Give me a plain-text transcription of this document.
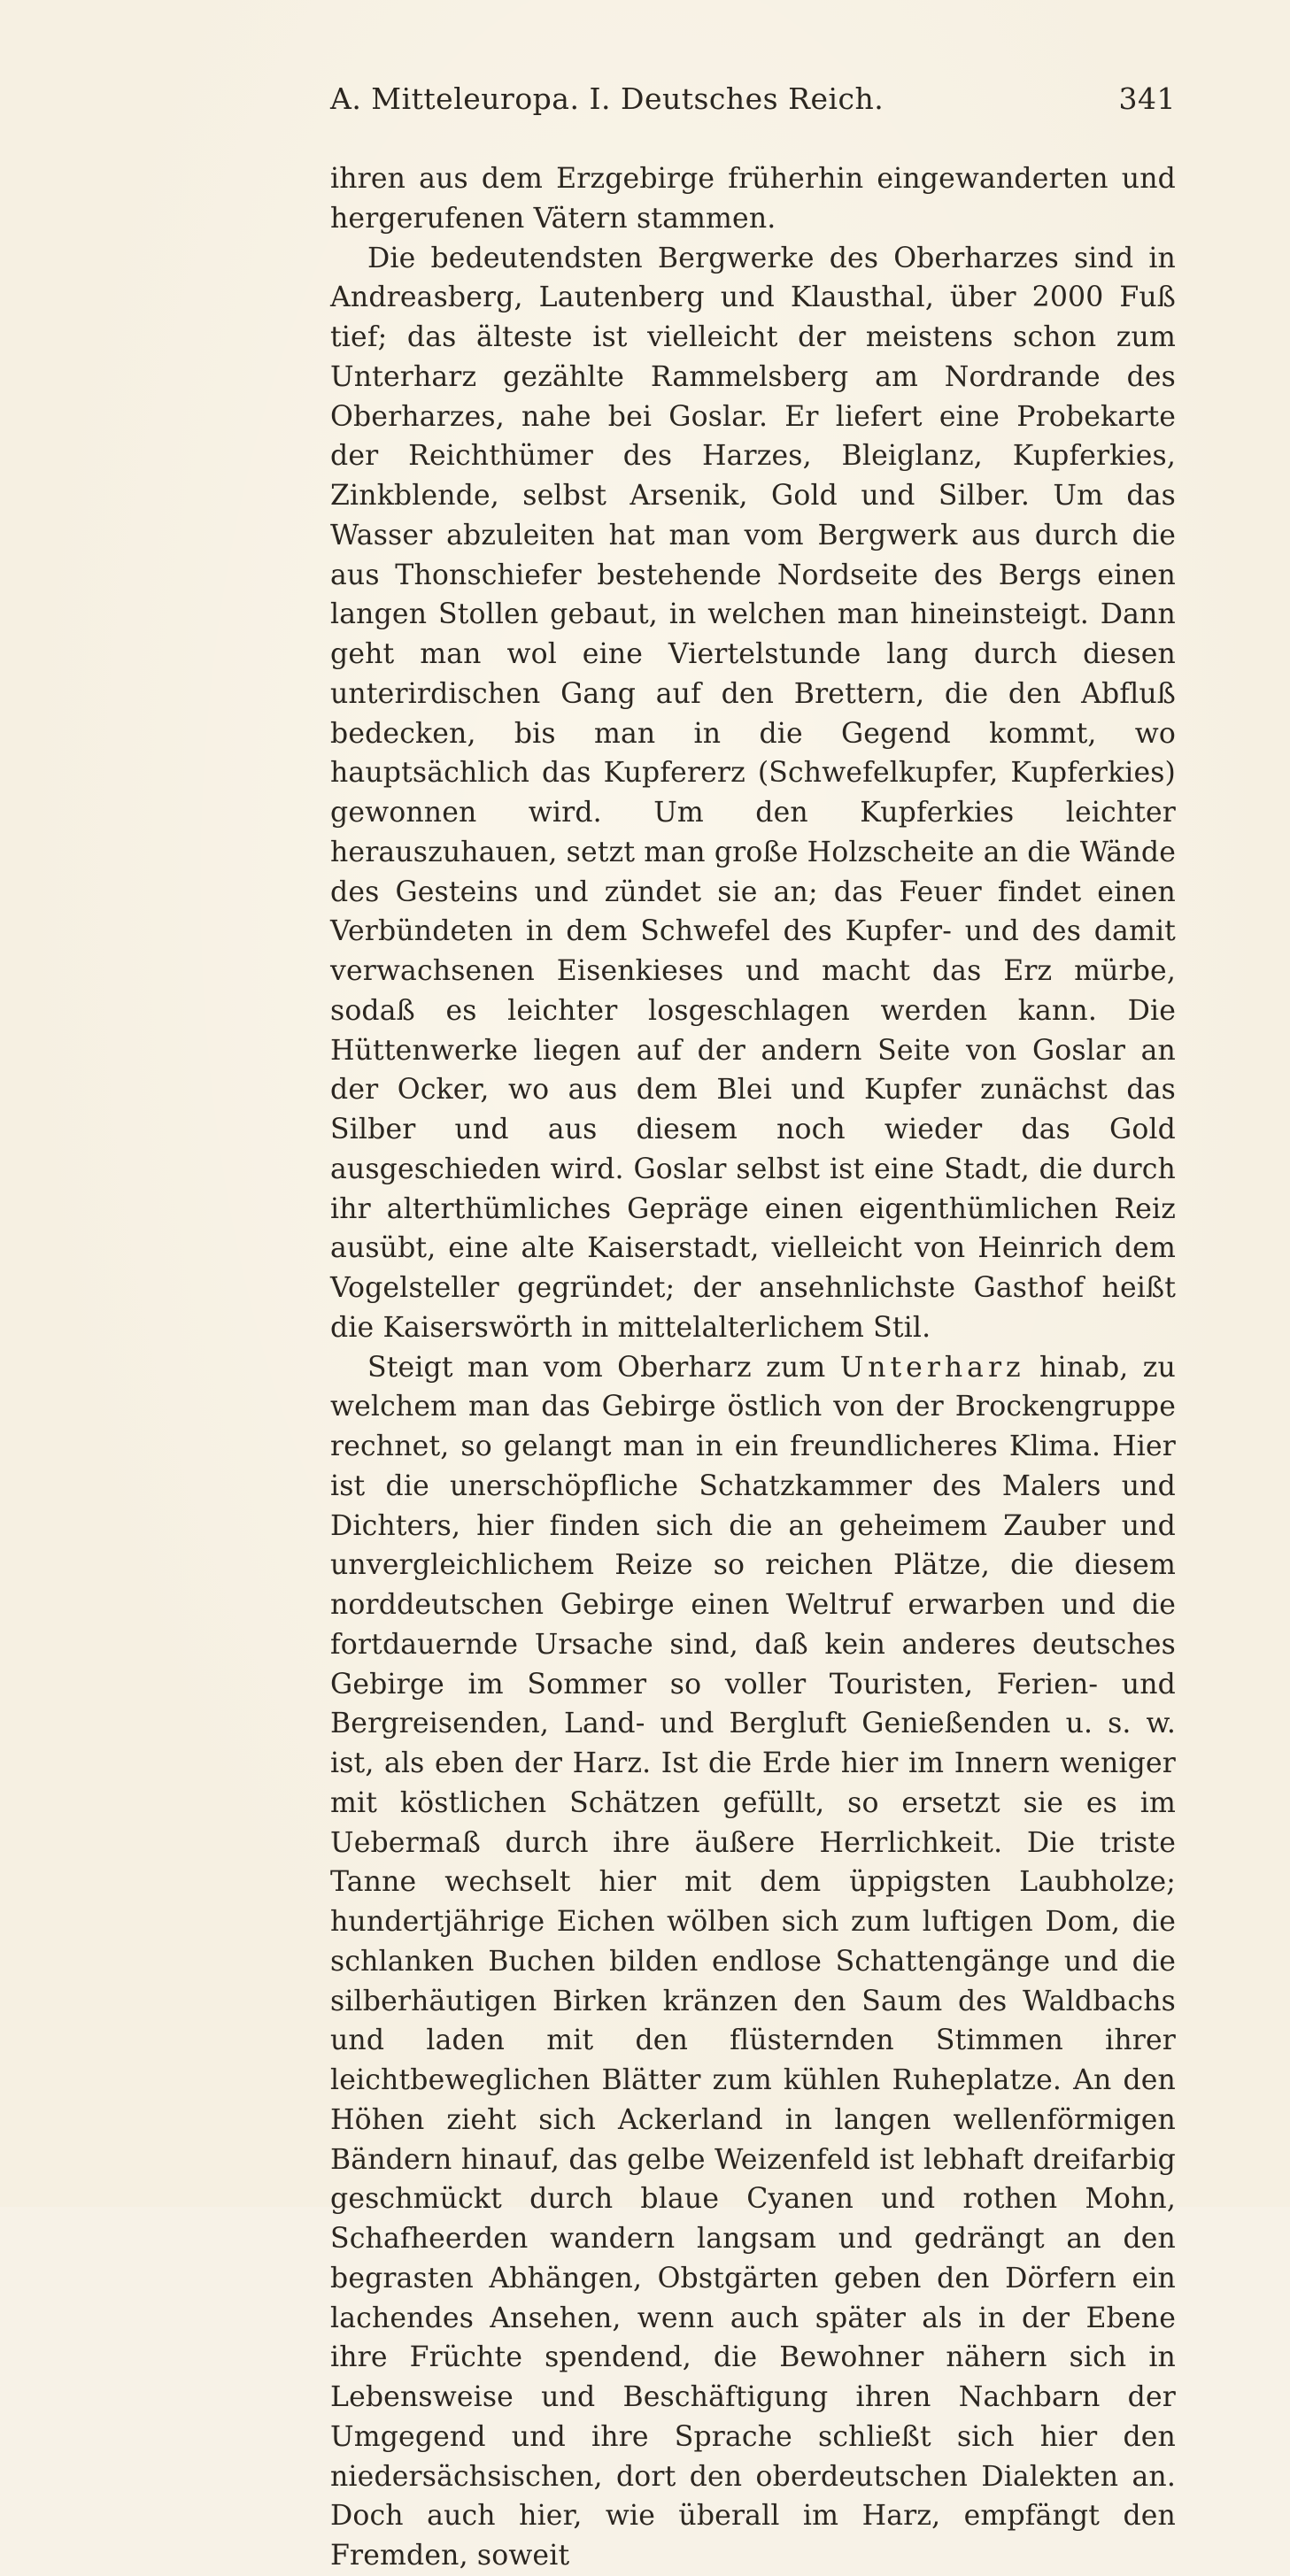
A. Mitteleuropa. I. Deutsches Reich.	341

ihren aus dem Erzgebirge früherhin eingewanderten und hergerufenen Vätern stammen.

Die bedeutendsten Bergwerke des Oberharzes sind in Andreasberg, Lautenberg und Klausthal, über 2000 Fuß tief; das älteste ist vielleicht der meistens schon zum Unterharz gezählte Rammelsberg am Nordrande des Oberharzes, nahe bei Goslar. Er liefert eine Probekarte der Reichthümer des Harzes, Bleiglanz, Kupferkies, Zinkblende, selbst Arsenik, Gold und Silber. Um das Wasser abzuleiten hat man vom Bergwerk aus durch die aus Thonschiefer bestehende Nordseite des Bergs einen langen Stollen gebaut, in welchen man hineinsteigt. Dann geht man wol eine Viertelstunde lang durch diesen unterirdischen Gang auf den Brettern, die den Abfluß bedecken, bis man in die Gegend kommt, wo hauptsächlich das Kupfererz (Schwefelkupfer, Kupferkies) gewonnen wird. Um den Kupferkies leichter herauszuhauen, setzt man große Holzscheite an die Wände des Gesteins und zündet sie an; das Feuer findet einen Verbündeten in dem Schwefel des Kupfer- und des damit verwachsenen Eisenkieses und macht das Erz mürbe, sodaß es leichter losgeschlagen werden kann. Die Hüttenwerke liegen auf der andern Seite von Goslar an der Ocker, wo aus dem Blei und Kupfer zunächst das Silber und aus diesem noch wieder das Gold ausgeschieden wird. Goslar selbst ist eine Stadt, die durch ihr alterthümliches Gepräge einen eigenthümlichen Reiz ausübt, eine alte Kaiserstadt, vielleicht von Heinrich dem Vogelsteller gegründet; der ansehnlichste Gasthof heißt die Kaiserswörth in mittelalterlichem Stil.

Steigt man vom Oberharz zum Unterharz hinab, zu welchem man das Gebirge östlich von der Brockengruppe rechnet, so gelangt man in ein freundlicheres Klima. Hier ist die unerschöpfliche Schatzkammer des Malers und Dichters, hier finden sich die an geheimem Zauber und unvergleichlichem Reize so reichen Plätze, die diesem norddeutschen Gebirge einen Weltruf erwarben und die fortdauernde Ursache sind, daß kein anderes deutsches Gebirge im Sommer so voller Touristen, Ferien- und Bergreisenden, Land- und Bergluft Genießenden u. s. w. ist, als eben der Harz. Ist die Erde hier im Innern weniger mit köstlichen Schätzen gefüllt, so ersetzt sie es im Uebermaß durch ihre äußere Herrlichkeit. Die triste Tanne wechselt hier mit dem üppigsten Laubholze; hundertjährige Eichen wölben sich zum luftigen Dom, die schlanken Buchen bilden endlose Schattengänge und die silberhäutigen Birken kränzen den Saum des Waldbachs und laden mit den flüsternden Stimmen ihrer leichtbeweglichen Blätter zum kühlen Ruheplatze. An den Höhen zieht sich Ackerland in langen wellenförmigen Bändern hinauf, das gelbe Weizenfeld ist lebhaft dreifarbig geschmückt durch blaue Cyanen und rothen Mohn, Schafheerden wandern langsam und gedrängt an den begrasten Abhängen, Obstgärten geben den Dörfern ein lachendes Ansehen, wenn auch später als in der Ebene ihre Früchte spendend, die Bewohner nähern sich in Lebensweise und Beschäftigung ihren Nachbarn der Umgegend und ihre Sprache schließt sich hier den niedersächsischen, dort den oberdeutschen Dialekten an. Doch auch hier, wie überall im Harz, empfängt den Fremden, soweit
